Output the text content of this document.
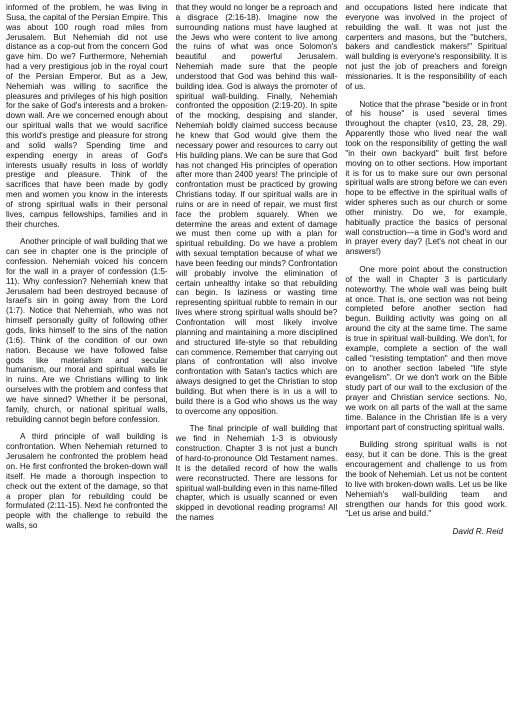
informed of the problem, he was living in Susa, the capital of the Persian Empire. This was about 100 rough road miles from Jerusalem. But Nehemiah did not use distance as a cop-out from the concern God gave him. Do we? Furthermore, Nehemiah had a very prestigious job in the royal court of the Persian Emperor. But as a Jew, Nehemiah was willing to sacrifice the pleasures and privileges of his high position for the sake of God's interests and a broken-down wall. Are we concerned enough about our spiritual walls that we would sacrifice this world's prestige and pleasure for strong and solid walls? Spending time and expending energy in areas of God's interests usually results in loss of worldly prestige and pleasure. Think of the sacrifices that have been made by godly men and women you know in the interests of strong spiritual walls in their personal lives, campus fellowships, families and in their churches.

Another principle of wall building that we can see in chapter one is the principle of confession. Nehemiah voiced his concern for the wall in a prayer of confession (1:5-11). Why confession? Nehemiah knew that Jerusalem had been destroyed because of Israel's sin in going away from the Lord (1:7). Notice that Nehemiah, who was not himself personally guilty of following other gods, links himself to the sins of the nation (1:6). Think of the condition of our own nation. Because we have followed false gods like materialism and secular humanism, our moral and spiritual walls lie in ruins. Are we Christians willing to link ourselves with the problem and confess that we have sinned? Whether it be personal, family, church, or national spiritual walls, rebuilding cannot begin before confession.

A third principle of wall building is confrontation. When Nehemiah returned to Jerusalem he confronted the problem head on. He first confronted the broken-down wall itself. He made a thorough inspection to check out the extent of the damage, so that a proper plan for rebuilding could be formulated (2:11-15). Next he confronted the people with the challenge to rebuild the walls, so

that they would no longer be a reproach and a disgrace (2:16-18). Imagine now the surrounding nations must have laughed at the Jews who were content to live among the ruins of what was once Solomon's beautiful and powerful Jerusalem. Nehemiah made sure that the people understood that God was behind this wall-building idea. God is always the promoter of spiritual wall-building. Finally, Nehemiah confronted the opposition (2:19-20). In spite of the mocking, despising and slander, Nehemiah boldly claimed success because he knew that God would give them the necessary power and resources to carry out His building plans. We can be sure that God has not changed His principles of operation after more than 2400 years! The principle of confrontation must be practiced by growing Christians today. If our spiritual walls are in ruins or are in need of repair, we must first face the problem squarely. When we determine the areas and extent of damage we must then come up with a plan for spiritual rebuilding. Do we have a problem with sexual temptation because of what we have been feeding our minds? Confrontation will probably involve the elimination of certain unhealthy intake so that rebuilding can begin. Is laziness or wasting time representing spiritual rubble to remain in our lives where strong spiritual walls should be? Confrontation will most likely involve planning and maintaining a more disciplined and structured life-style so that rebuilding can commence. Remember that carrying out plans of confrontation will also involve confrontation with Satan's tactics which are always designed to get the Christian to stop building. But when there is in us a will to build there is a God who shows us the way to overcome any opposition.

The final principle of wall building that we find in Nehemiah 1-3 is obviously construction. Chapter 3 is not just a bunch of hard-to-pronounce Old Testament names. It is the detailed record of how the walls were reconstructed. There are lessons for spiritual wall-building even in this name-filled chapter, which is usually scanned or even skipped in devotional reading programs! All the names

and occupations listed here indicate that everyone was involved in the project of rebuilding the wall. It was not just the carpenters and masons, but the "butchers, bakers and candlestick makers!" Spiritual wall building is everyone's responsibility. It is not just the job of preachers and foreign missionaries. It is the responsibility of each of us.

Notice that the phrase "beside or in front of his house" is used several times throughout the chapter (vs10, 23, 28, 29). Apparently those who lived near the wall took on the responsibility of getting the wall "in their own backyard" built first before moving on to other sections. How important it is for us to make sure our own personal spiritual walls are strong before we can even hope to be effective in the spiritual walls of wider spheres such as our church or some other ministry. Do we, for example, habitually practice the basics of personal wall construction—a time in God's word and in prayer every day? (Let's not cheat in our answers!)

One more point about the construction of the wall in Chapter 3 is particularly noteworthy. The whole wall was being built at once. That is, one section was not being completed before another section had begun. Building activity was going on all around the city at the same time. The same is true in spiritual wall-building. We don't, for example, complete a section of the wall called "resisting temptation" and then move on to another section labeled "life style evangelism". Or we don't work on the Bible study part of our wall to the exclusion of the prayer and Christian service sections. No, we work on all parts of the wall at the same time. Balance in the Christian life is a very important part of constructing spiritual walls.

Building strong spiritual walls is not easy, but it can be done. This is the great encouragement and challenge to us from the book of Nehemiah. Let us not be content to live with broken-down walls. Let us be like Nehemiah's wall-building team and strengthen our hands for this good work. "Let us arise and build."

David R. Reid
